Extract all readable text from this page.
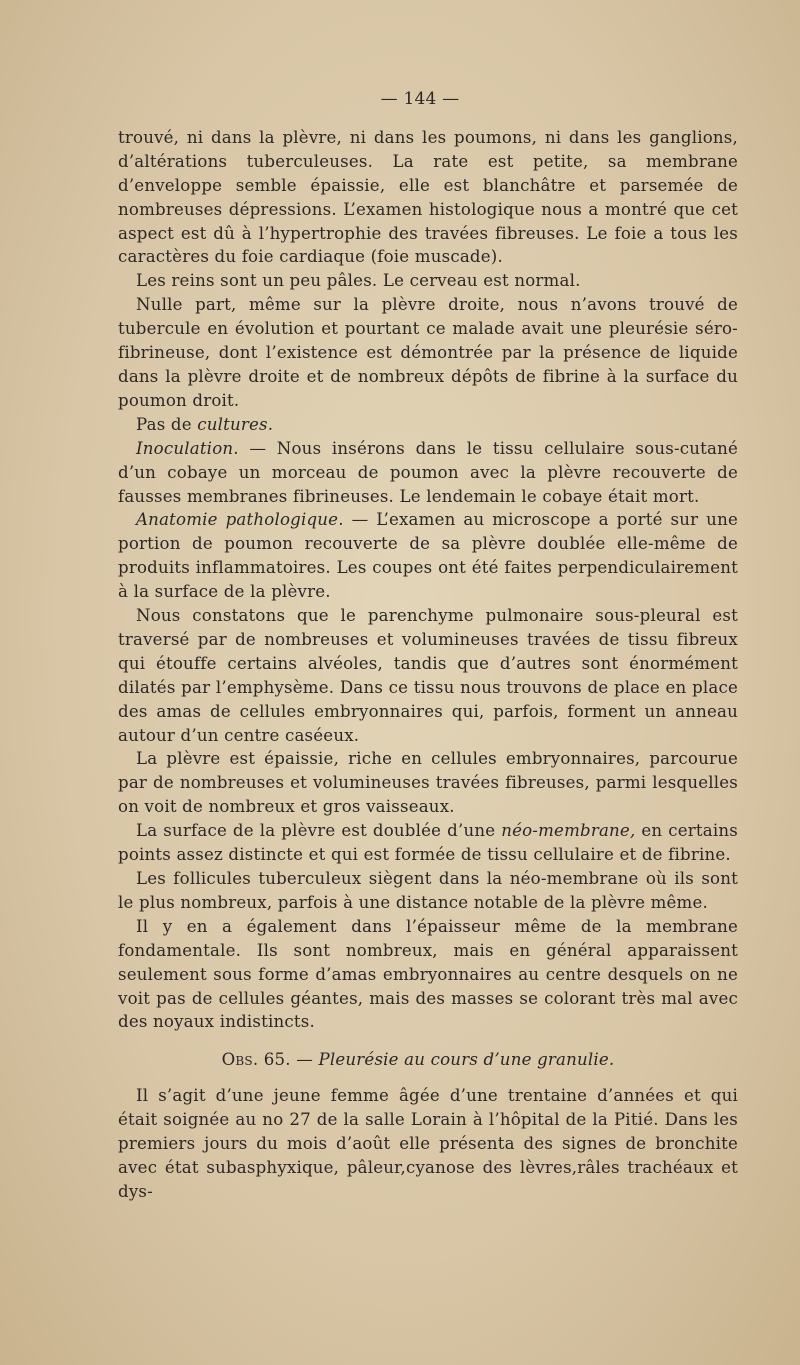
— 144 —

trouvé, ni dans la plèvre, ni dans les poumons, ni dans les ganglions, d’altérations tuberculeuses. La rate est petite, sa membrane d’enveloppe semble épaissie, elle est blanchâtre et parsemée de nombreuses dépressions. L’examen histologique nous a montré que cet aspect est dû à l’hypertrophie des travées fibreuses. Le foie a tous les caractères du foie cardiaque (foie muscade).

Les reins sont un peu pâles. Le cerveau est normal.

Nulle part, même sur la plèvre droite, nous n’avons trouvé de tubercule en évolution et pourtant ce malade avait une pleurésie séro-fibrineuse, dont l’existence est démontrée par la présence de liquide dans la plèvre droite et de nombreux dépôts de fibrine à la surface du poumon droit.

Pas de cultures.

Inoculation. — Nous insérons dans le tissu cellulaire sous-cutané d’un cobaye un morceau de poumon avec la plèvre recouverte de fausses membranes fibrineuses. Le lendemain le cobaye était mort.

Anatomie pathologique. — L’examen au microscope a porté sur une portion de poumon recouverte de sa plèvre doublée elle-même de produits inflammatoires. Les coupes ont été faites perpendiculairement à la surface de la plèvre.

Nous constatons que le parenchyme pulmonaire sous-pleural est traversé par de nombreuses et volumineuses travées de tissu fibreux qui étouffe certains alvéoles, tandis que d’autres sont énormément dilatés par l’emphysème. Dans ce tissu nous trouvons de place en place des amas de cellules embryonnaires qui, parfois, forment un anneau autour d’un centre caséeux.

La plèvre est épaissie, riche en cellules embryonnaires, parcourue par de nombreuses et volumineuses travées fibreuses, parmi lesquelles on voit de nombreux et gros vaisseaux.

La surface de la plèvre est doublée d’une néo-membrane, en certains points assez distincte et qui est formée de tissu cellulaire et de fibrine.

Les follicules tuberculeux siègent dans la néo-membrane où ils sont le plus nombreux, parfois à une distance notable de la plèvre même.

Il y en a également dans l’épaisseur même de la membrane fondamentale. Ils sont nombreux, mais en général apparaissent seulement sous forme d’amas embryonnaires au centre desquels on ne voit pas de cellules géantes, mais des masses se colorant très mal avec des noyaux indistincts.

Obs. 65. — Pleurésie au cours d’une granulie.

Il s’agit d’une jeune femme âgée d’une trentaine d’années et qui était soignée au no 27 de la salle Lorain à l’hôpital de la Pitié. Dans les premiers jours du mois d’août elle présenta des signes de bronchite avec état subasphyxique, pâleur,cyanose des lèvres,râles trachéaux et dys-
